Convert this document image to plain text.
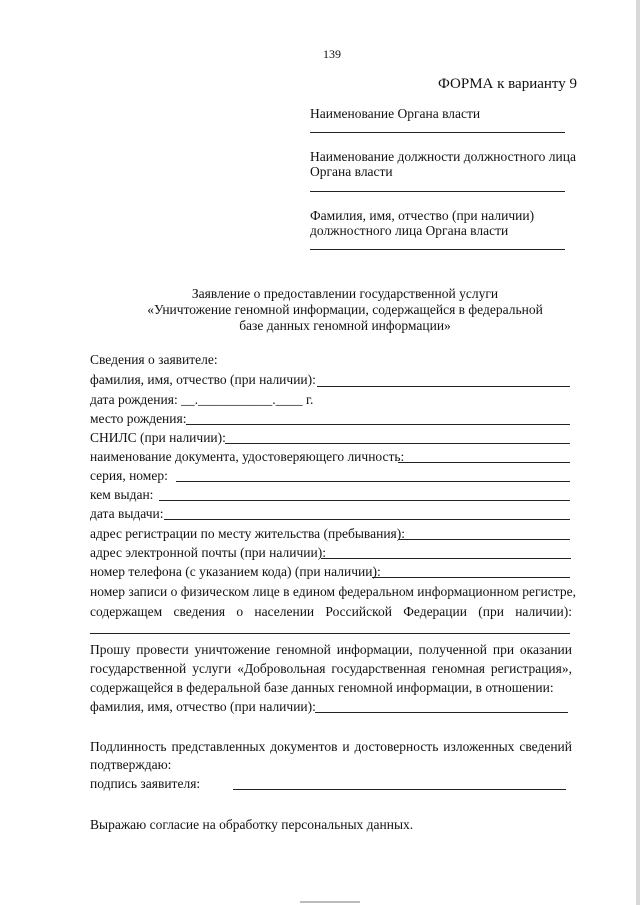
139
ФОРМА к варианту 9
Наименование Органа власти
Наименование должности должностного лица
Органа власти
Фамилия, имя, отчество (при наличии)
должностного лица Органа власти
Заявление о предоставлении государственной услуги
«Уничтожение геномной информации, содержащейся в федеральной
базе данных геномной информации»
Сведения о заявителе:
фамилия, имя, отчество (при наличии):
дата рождения: __.___________.____ г.
место рождения:
СНИЛС (при наличии):
наименование документа, удостоверяющего личность:
серия, номер:
кем выдан:
дата выдачи:
адрес регистрации по месту жительства (пребывания):
адрес электронной почты (при наличии):
номер телефона (с указанием кода) (при наличии):
номер записи о физическом лице в едином федеральном информационном регистре,
содержащем сведения о населении Российской Федерации (при наличии):
Прошу провести уничтожение геномной информации, полученной при оказании
государственной услуги «Добровольная государственная геномная регистрация»,
содержащейся в федеральной базе данных геномной информации, в отношении:
фамилия, имя, отчество (при наличии):
Подлинность представленных документов и достоверность изложенных сведений
подтверждаю:
подпись заявителя:
Выражаю согласие на обработку персональных данных.
